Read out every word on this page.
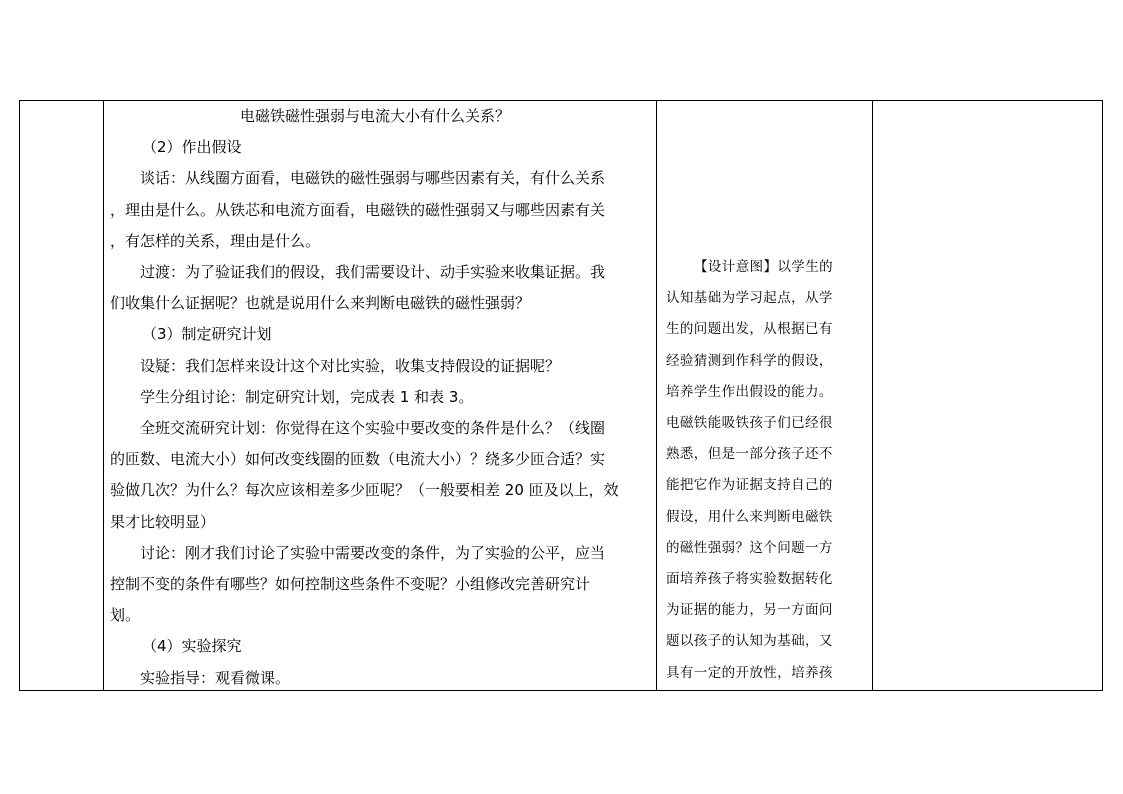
电磁铁磁性强弱与电流大小有什么关系？

（2）作出假设

谈话：从线圈方面看，电磁铁的磁性强弱与哪些因素有关，有什么关系

，理由是什么。从铁芯和电流方面看，电磁铁的磁性强弱又与哪些因素有关

，有怎样的关系，理由是什么。

过渡：为了验证我们的假设，我们需要设计、动手实验来收集证据。我

们收集什么证据呢？也就是说用什么来判断电磁铁的磁性强弱？

（3）制定研究计划

设疑：我们怎样来设计这个对比实验，收集支持假设的证据呢？

学生分组讨论：制定研究计划，完成表 1 和表 3。

全班交流研究计划：你觉得在这个实验中要改变的条件是什么？（线圈

的匝数、电流大小）如何改变线圈的匝数（电流大小）？绕多少匝合适？实

验做几次？为什么？每次应该相差多少匝呢？（一般要相差 20 匝及以上，效

果才比较明显）

讨论：刚才我们讨论了实验中需要改变的条件，为了实验的公平，应当

控制不变的条件有哪些？如何控制这些条件不变呢？小组修改完善研究计

划。

（4）实验探究

实验指导：观看微课。

【设计意图】以学生的

认知基础为学习起点，从学

生的问题出发，从根据已有

经验猜测到作科学的假设，

培养学生作出假设的能力。

电磁铁能吸铁孩子们已经很

熟悉，但是一部分孩子还不

能把它作为证据支持自己的

假设，用什么来判断电磁铁

的磁性强弱？这个问题一方

面培养孩子将实验数据转化

为证据的能力，另一方面问

题以孩子的认知为基础，又

具有一定的开放性，培养孩
